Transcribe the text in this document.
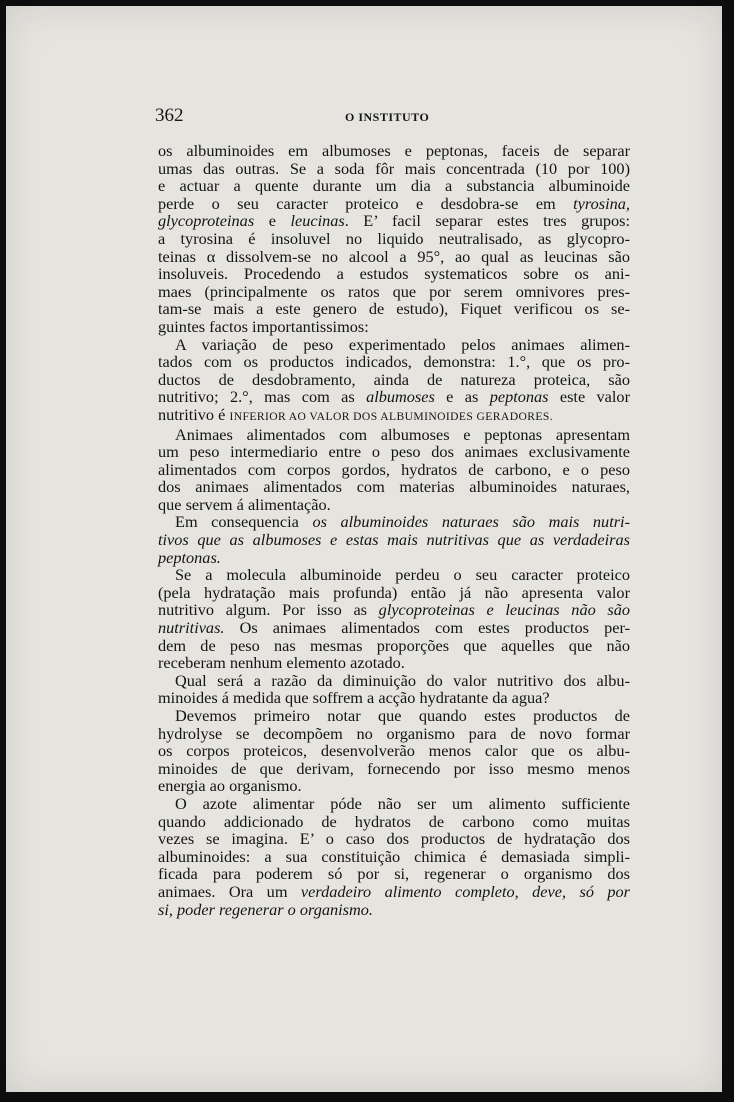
362	O INSTITUTO

os albuminoides em albumoses e peptonas, faceis de separar
umas das outras. Se a soda fôr mais concentrada (10 por 100)
e actuar a quente durante um dia a substancia albuminoide
perde o seu caracter proteico e desdobra-se em tyrosina,
glycoproteinas e leucinas. E’ facil separar estes tres grupos:
a tyrosina é insoluvel no liquido neutralisado, as glycopro-
teinas α dissolvem-se no alcool a 95°, ao qual as leucinas são
insoluveis. Procedendo a estudos systematicos sobre os ani-
maes (principalmente os ratos que por serem omnivores pres-
tam-se mais a este genero de estudo), Fiquet verificou os se-
guintes factos importantissimos:

A variação de peso experimentado pelos animaes alimen-
tados com os productos indicados, demonstra: 1.°, que os pro-
ductos de desdobramento, ainda de natureza proteica, são
nutritivo; 2.°, mas com as albumoses e as peptonas este valor
nutritivo é INFERIOR AO VALOR DOS ALBUMINOIDES GERADORES.

Animaes alimentados com albumoses e peptonas apresentam
um peso intermediario entre o peso dos animaes exclusivamente
alimentados com corpos gordos, hydratos de carbono, e o peso
dos animaes alimentados com materias albuminoides naturaes,
que servem á alimentação.

Em consequencia os albuminoides naturaes são mais nutri-
tivos que as albumoses e estas mais nutritivas que as verdadeiras
peptonas.

Se a molecula albuminoide perdeu o seu caracter proteico
(pela hydratação mais profunda) então já não apresenta valor
nutritivo algum. Por isso as glycoproteinas e leucinas não são
nutritivas. Os animaes alimentados com estes productos per-
dem de peso nas mesmas proporções que aquelles que não
receberam nenhum elemento azotado.

Qual será a razão da diminuição do valor nutritivo dos albu-
minoides á medida que soffrem a acção hydratante da agua?

Devemos primeiro notar que quando estes productos de
hydrolyse se decompõem no organismo para de novo formar
os corpos proteicos, desenvolverão menos calor que os albu-
minoides de que derivam, fornecendo por isso mesmo menos
energia ao organismo.

O azote alimentar póde não ser um alimento sufficiente
quando addicionado de hydratos de carbono como muitas
vezes se imagina. E’ o caso dos productos de hydratação dos
albuminoides: a sua constituição chimica é demasiada simpli-
ficada para poderem só por si, regenerar o organismo dos
animaes. Ora um verdadeiro alimento completo, deve, só por
si, poder regenerar o organismo.
